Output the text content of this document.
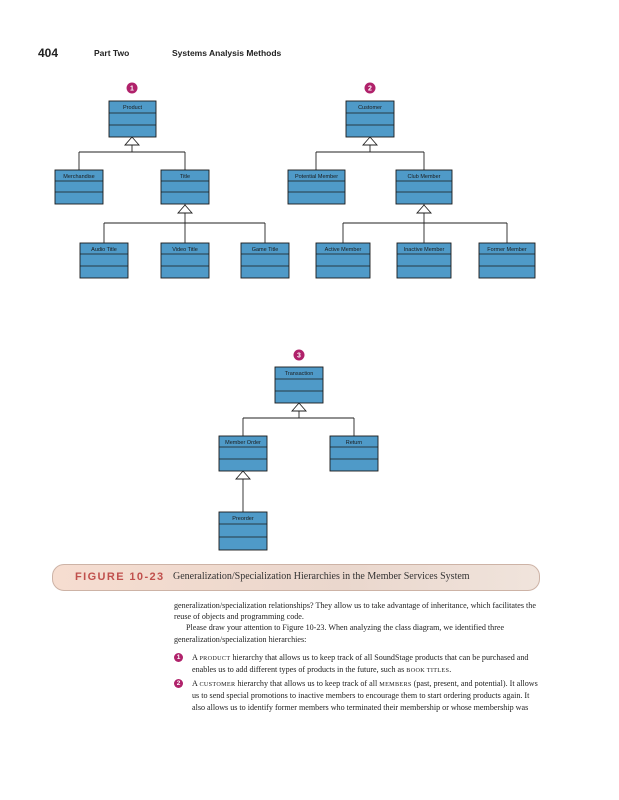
404	Part Two	Systems Analysis Methods
1	2
3
Product
Merchandise	Title
Audio Title	Video Title	Game Title
Customer
Potential Member	Club Member
Active Member	Inactive Member	Former Member
Transaction
Member Order	Return
Preorder
FIGURE 10-23 Generalization/Specialization Hierarchies in the Member Services System

generalization/specialization relationships? They allow us to take advantage of inheritance, which facilitates the reuse of objects and programming code.

Please draw your attention to Figure 10-23. When analyzing the class diagram, we identified three generalization/specialization hierarchies:

1	A PRODUCT hierarchy that allows us to keep track of all SoundStage products that can be purchased and enables us to add different types of products in the future, such as BOOK TITLES.
2	A CUSTOMER hierarchy that allows us to keep track of all MEMBERS (past, present, and potential). It allows us to send special promotions to inactive members to encourage them to start ordering products again. It also allows us to identify former members who terminated their membership or whose membership was
